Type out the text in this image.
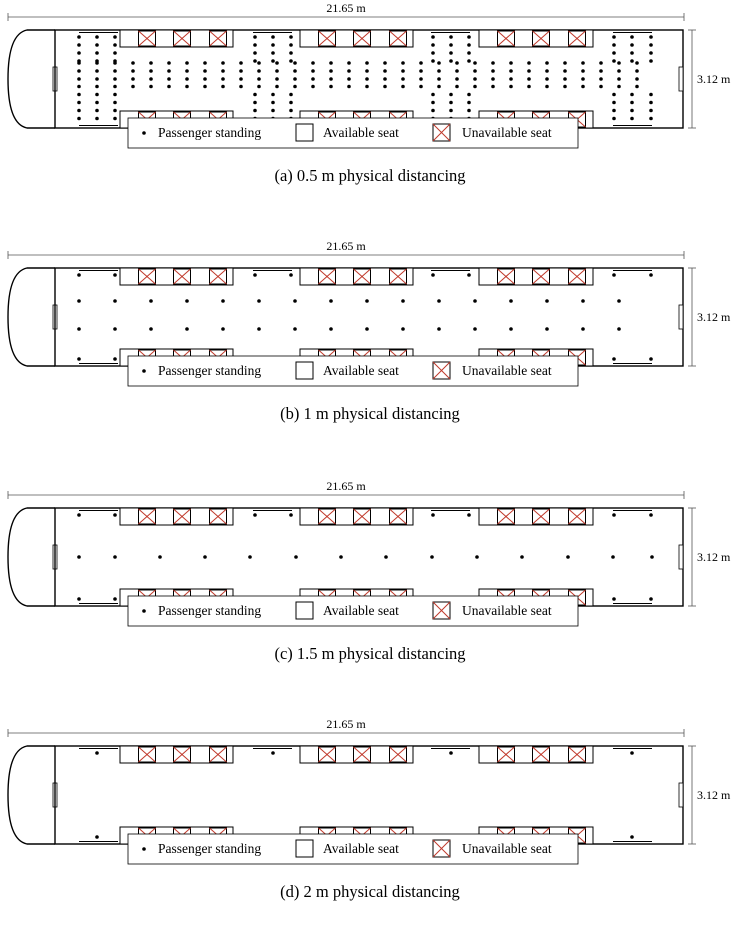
21.65 m
3.12 m
Passenger standing	Available seat	Unavailable seat
(a) 0.5 m physical distancing
21.65 m
3.12 m
Passenger standing	Available seat	Unavailable seat
(b) 1 m physical distancing
21.65 m
3.12 m
Passenger standing	Available seat	Unavailable seat
(c) 1.5 m physical distancing
21.65 m
3.12 m
Passenger standing	Available seat	Unavailable seat
(d) 2 m physical distancing
